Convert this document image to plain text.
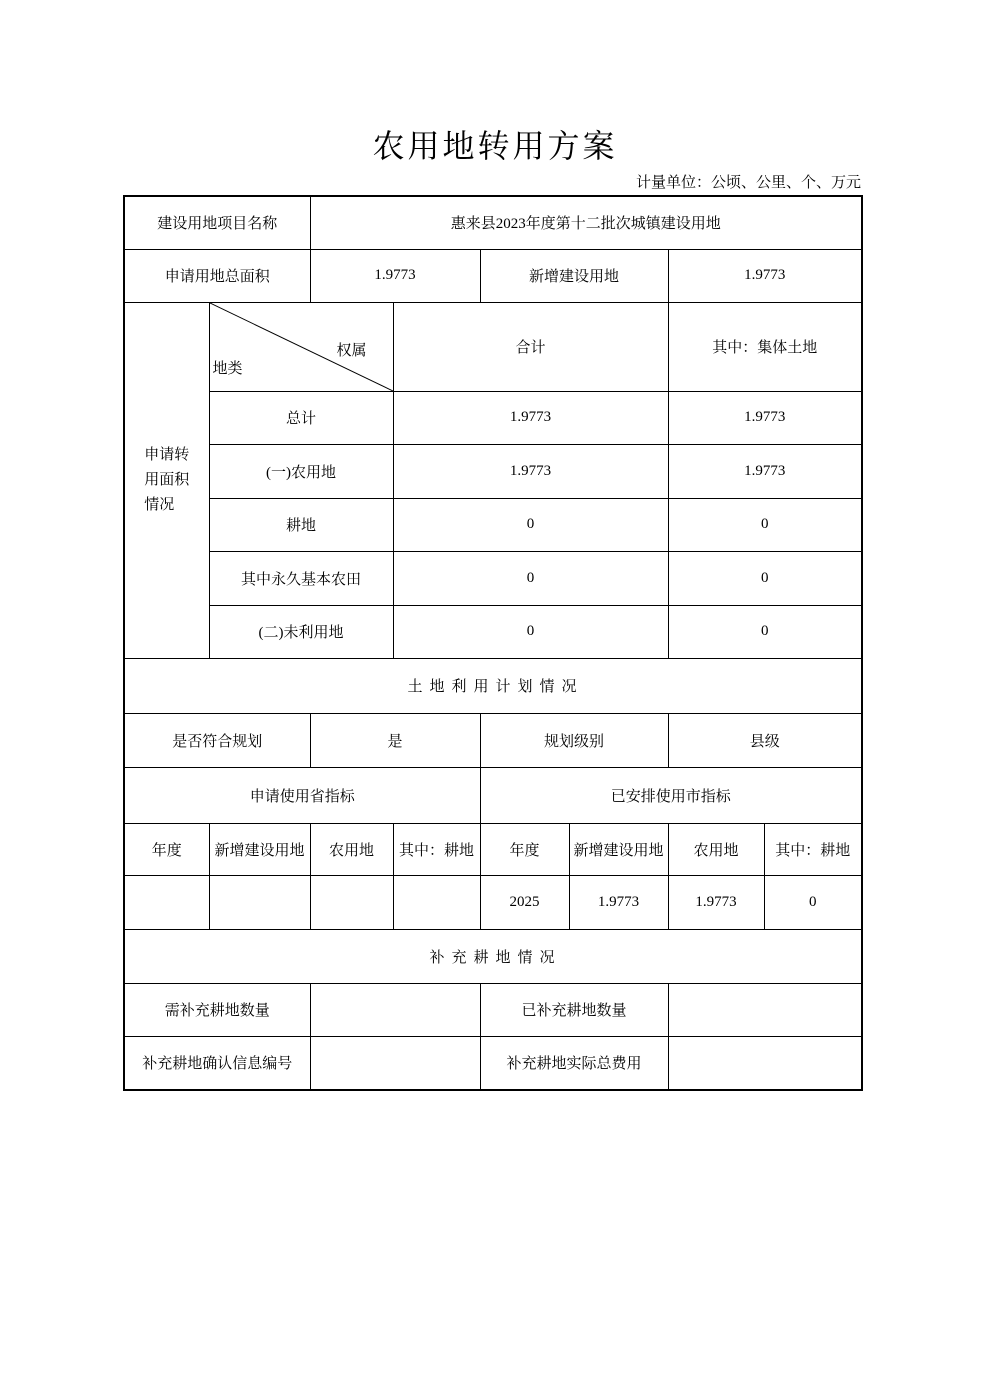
农用地转用方案
计量单位：公顷、公里、个、万元
建设用地项目名称		惠来县2023年度第十二批次城镇建设用地					
申请用地总面积		1.9773		新增建设用地		1.9773	

申请转用面积情况	权属
地类		合计			其中：集体土地	
	总计		1.9773			1.9773	
	(一)农用地		1.9773			1.9773	
	耕地		0			0	
	其中永久基本农田		0			0	
	(二)未利用地		0			0	
土地利用计划情况							
是否符合规划		是		规划级别		县级	
申请使用省指标				已安排使用市指标			
年度	新增建设用地	农用地	其中：耕地	年度	新增建设用地	农用地	其中：耕地
				2025	1.9773	1.9773	0
补充耕地情况							
需补充耕地数量				已补充耕地数量			
补充耕地确认信息编号				补充耕地实际总费用			
